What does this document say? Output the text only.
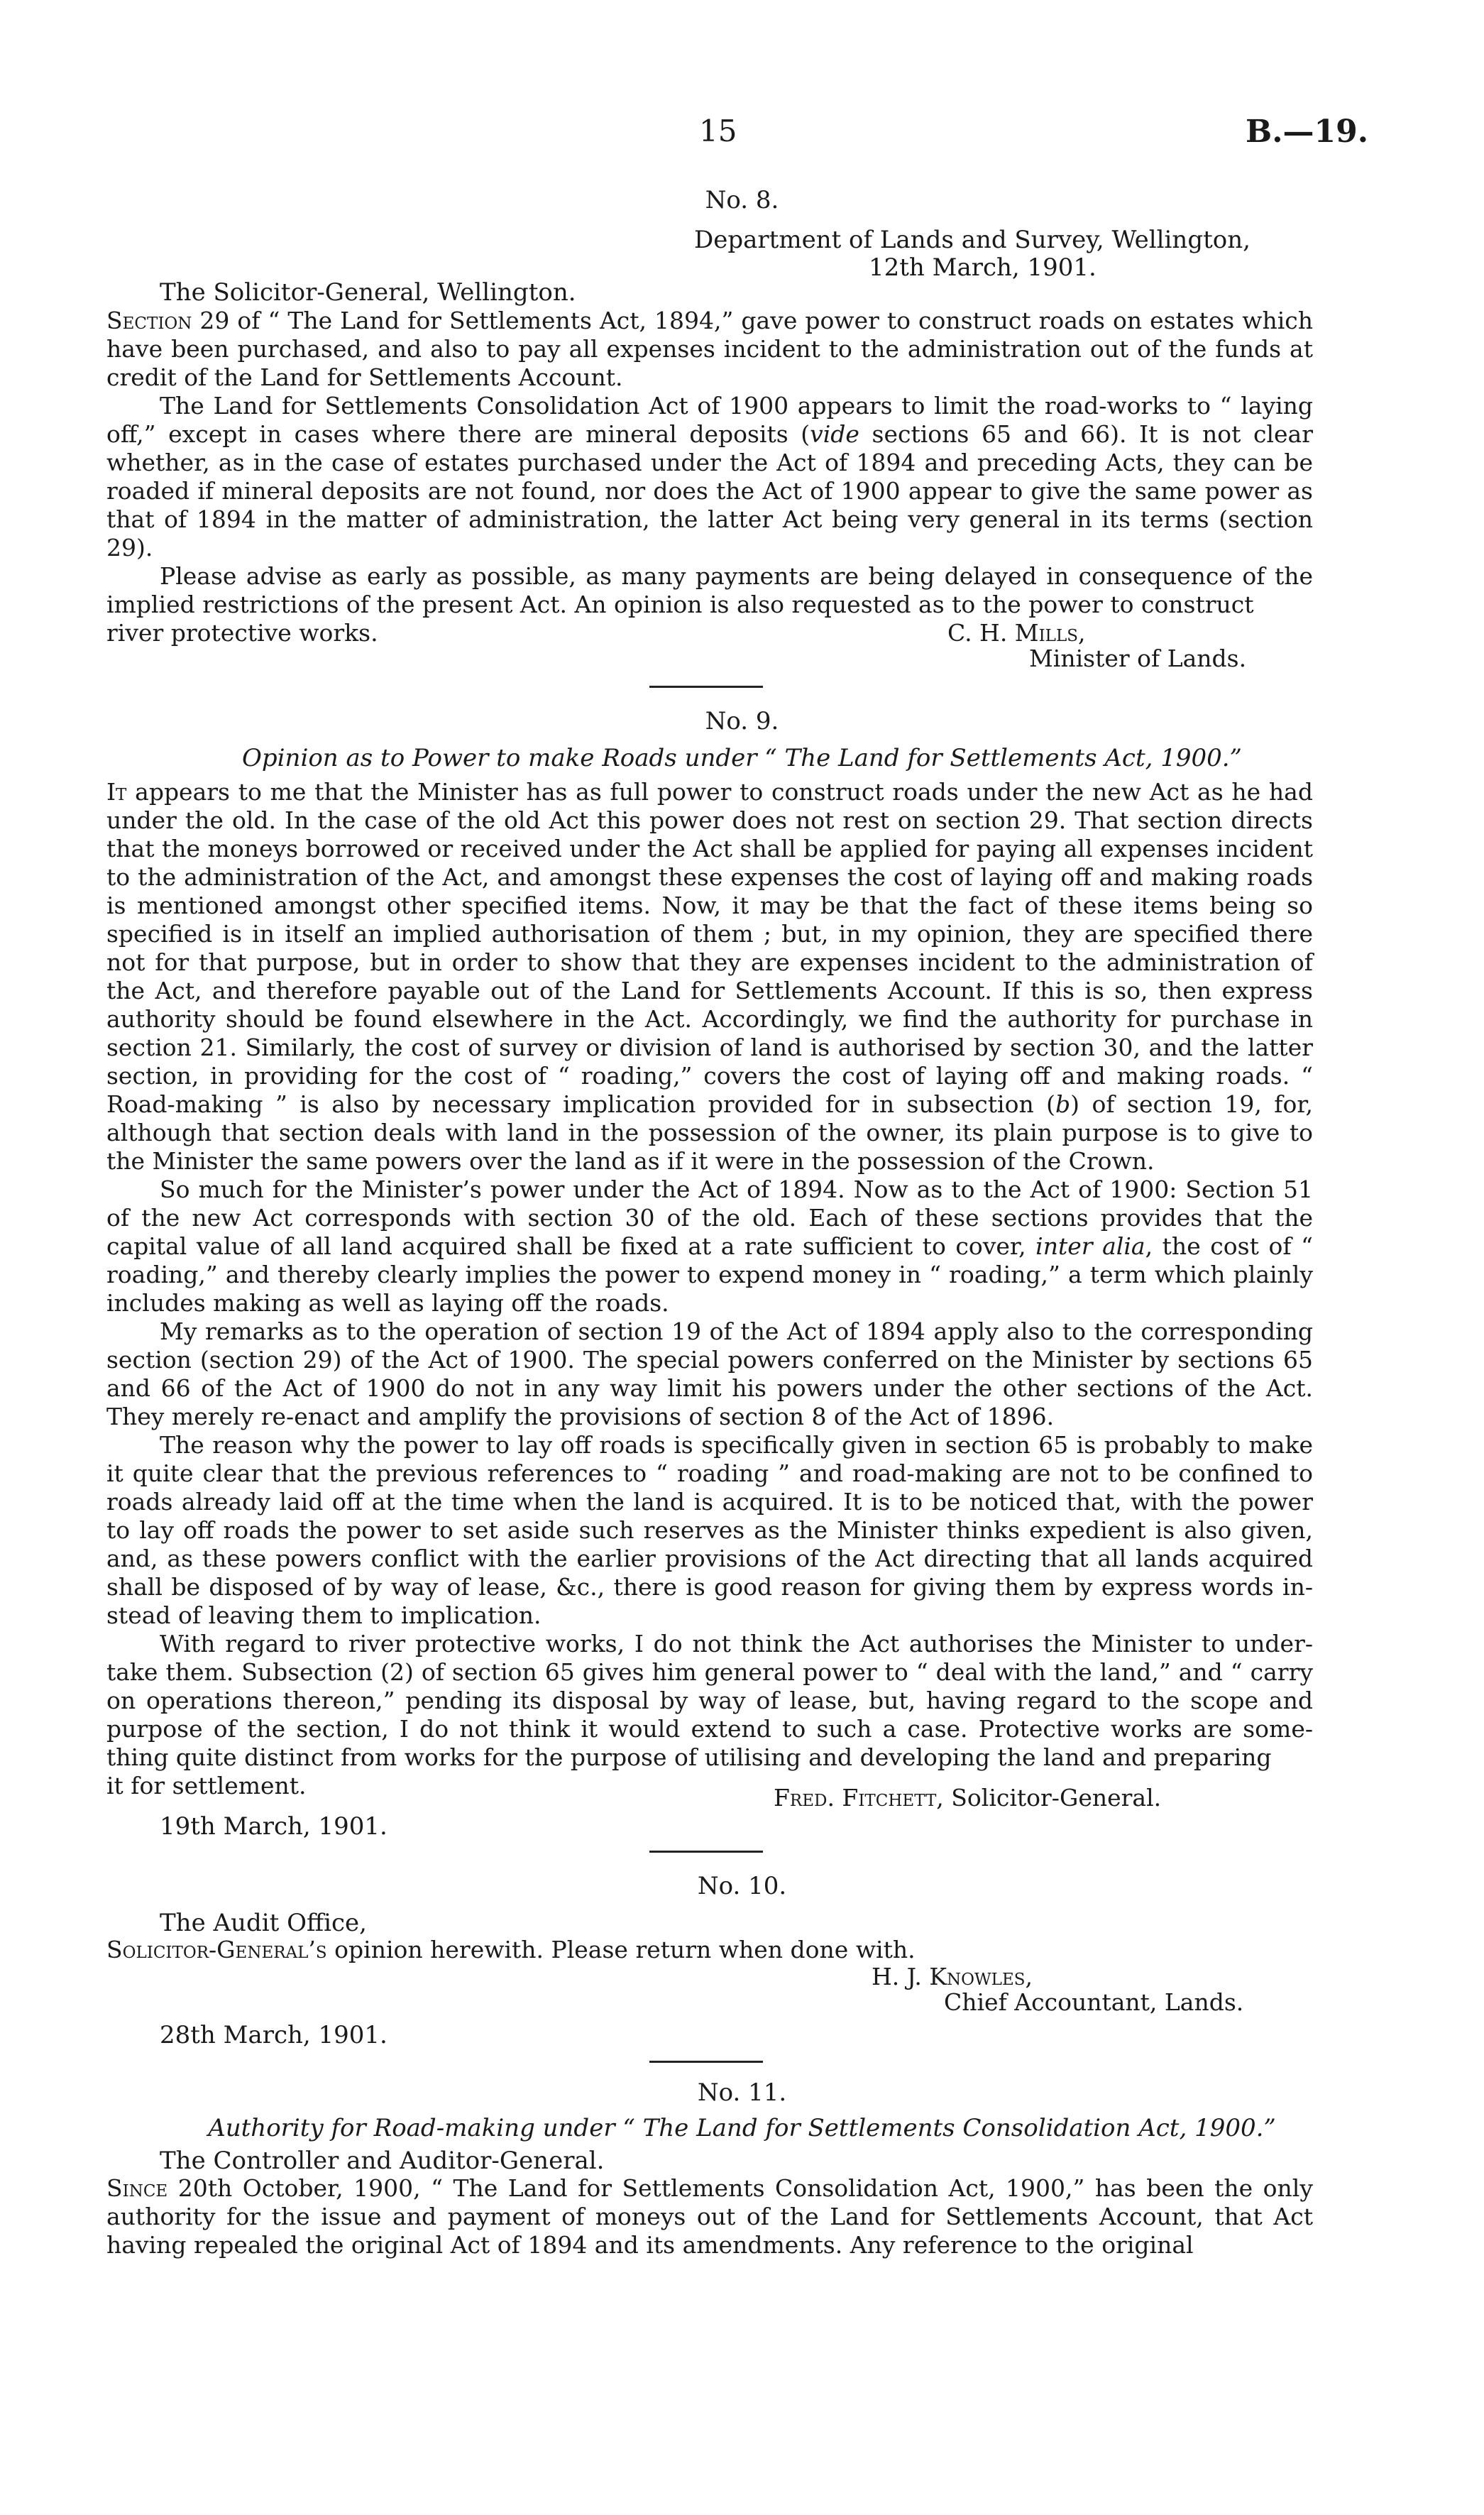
15	B.—19.
No. 8.
Department of Lands and Survey, Wellington,
12th March, 1901.
The Solicitor-General, Wellington.

Section 29 of “ The Land for Settlements Act, 1894,” gave power to construct roads on estates which have been purchased, and also to pay all expenses incident to the administration out of the funds at credit of the Land for Settlements Account.

The Land for Settlements Consolidation Act of 1900 appears to limit the road-works to “ laying off,” except in cases where there are mineral deposits (vide sections 65 and 66). It is not clear whether, as in the case of estates purchased under the Act of 1894 and preceding Acts, they can be roaded if mineral deposits are not found, nor does the Act of 1900 appear to give the same power as that of 1894 in the matter of administration, the latter Act being very general in its terms (section 29).

Please advise as early as possible, as many payments are being delayed in consequence of the implied restrictions of the present Act. An opinion is also requested as to the power to construct

river protective works.	C. H. Mills,
Minister of Lands.
No. 9.
Opinion as to Power to make Roads under “ The Land for Settlements Act, 1900.”

It appears to me that the Minister has as full power to construct roads under the new Act as he had under the old. In the case of the old Act this power does not rest on section 29. That section directs that the moneys borrowed or received under the Act shall be applied for paying all expenses incident to the administration of the Act, and amongst these expenses the cost of laying off and making roads is mentioned amongst other specified items. Now, it may be that the fact of these items being so specified is in itself an implied authorisation of them ; but, in my opinion, they are specified there not for that purpose, but in order to show that they are expenses incident to the administration of the Act, and therefore payable out of the Land for Settlements Account. If this is so, then express authority should be found elsewhere in the Act. Accordingly, we find the authority for purchase in section 21. Similarly, the cost of survey or division of land is authorised by section 30, and the latter section, in providing for the cost of “ roading,” covers the cost of laying off and making roads. “ Road-making ” is also by necessary implication provided for in subsection (b) of section 19, for, although that section deals with land in the possession of the owner, its plain purpose is to give to the Minister the same powers over the land as if it were in the possession of the Crown.

So much for the Minister’s power under the Act of 1894. Now as to the Act of 1900: Section 51 of the new Act corresponds with section 30 of the old. Each of these sections provides that the capital value of all land acquired shall be fixed at a rate sufficient to cover, inter alia, the cost of “ roading,” and thereby clearly implies the power to expend money in “ roading,” a term which plainly includes making as well as laying off the roads.

My remarks as to the operation of section 19 of the Act of 1894 apply also to the corresponding section (section 29) of the Act of 1900. The special powers conferred on the Minister by sections 65 and 66 of the Act of 1900 do not in any way limit his powers under the other sections of the Act. They merely re-enact and amplify the provisions of section 8 of the Act of 1896.

The reason why the power to lay off roads is specifically given in section 65 is probably to make it quite clear that the previous references to “ roading ” and road-making are not to be confined to roads already laid off at the time when the land is acquired. It is to be noticed that, with the power to lay off roads the power to set aside such reserves as the Minister thinks expedient is also given, and, as these powers conflict with the earlier provisions of the Act directing that all lands acquired shall be disposed of by way of lease, &c., there is good reason for giving them by express words in-stead of leaving them to implication.

With regard to river protective works, I do not think the Act authorises the Minister to under-take them. Subsection (2) of section 65 gives him general power to “ deal with the land,” and “ carry on operations thereon,” pending its disposal by way of lease, but, having regard to the scope and purpose of the section, I do not think it would extend to such a case. Protective works are some-thing quite distinct from works for the purpose of utilising and developing the land and preparing

it for settlement.	Fred. Fitchett, Solicitor-General.
19th March, 1901.
No. 10.
The Audit Office,
Solicitor-General’s opinion herewith. Please return when done with.
H. J. Knowles,
Chief Accountant, Lands.
28th March, 1901.
No. 11.
Authority for Road-making under “ The Land for Settlements Consolidation Act, 1900.”
The Controller and Auditor-General.

Since 20th October, 1900, “ The Land for Settlements Consolidation Act, 1900,” has been the only authority for the issue and payment of moneys out of the Land for Settlements Account, that Act having repealed the original Act of 1894 and its amendments. Any reference to the original
